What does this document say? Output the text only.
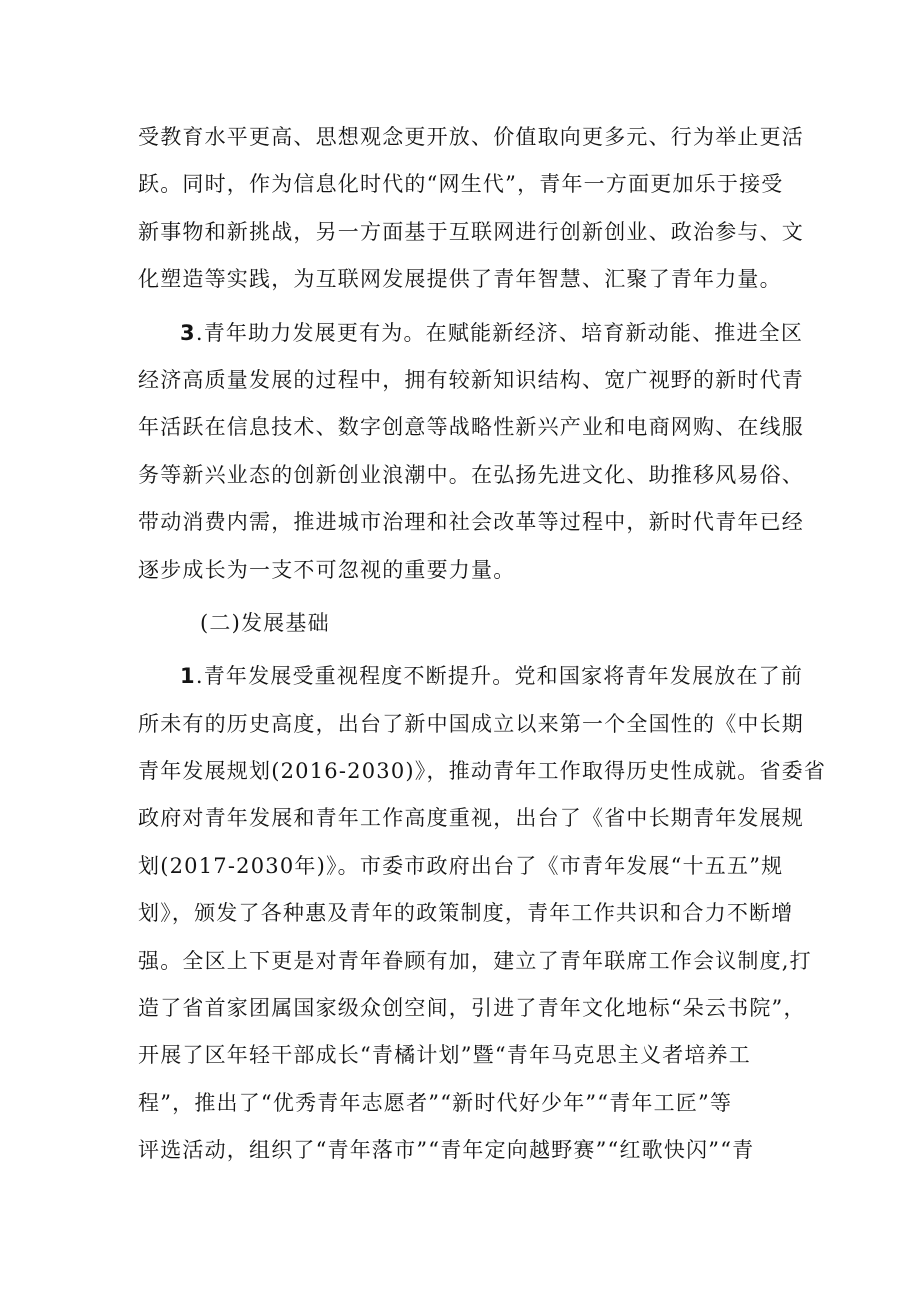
受教育水平更高、思想观念更开放、价值取向更多元、行为举止更活
跃。同时，作为信息化时代的“网生代”，青年一方面更加乐于接受
新事物和新挑战，另一方面基于互联网进行创新创业、政治参与、文
化塑造等实践，为互联网发展提供了青年智慧、汇聚了青年力量。
3.青年助力发展更有为。在赋能新经济、培育新动能、推进全区
经济高质量发展的过程中，拥有较新知识结构、宽广视野的新时代青
年活跃在信息技术、数字创意等战略性新兴产业和电商网购、在线服
务等新兴业态的创新创业浪潮中。在弘扬先进文化、助推移风易俗、
带动消费内需，推进城市治理和社会改革等过程中，新时代青年已经
逐步成长为一支不可忽视的重要力量。
(二)发展基础
1.青年发展受重视程度不断提升。党和国家将青年发展放在了前
所未有的历史高度，出台了新中国成立以来第一个全国性的《中长期
青年发展规划(2016-2030)》，推动青年工作取得历史性成就。省委省
政府对青年发展和青年工作高度重视，出台了《省中长期青年发展规
划(2017-2030年)》。市委市政府出台了《市青年发展“十五五”规
划》，颁发了各种惠及青年的政策制度，青年工作共识和合力不断增
强。全区上下更是对青年眷顾有加，建立了青年联席工作会议制度,打
造了省首家团属国家级众创空间，引进了青年文化地标“朵云书院”，
开展了区年轻干部成长“青橘计划”暨“青年马克思主义者培养工
程”，推出了“优秀青年志愿者”“新时代好少年”“青年工匠”等
评选活动，组织了“青年落市”“青年定向越野赛”“红歌快闪”“青
